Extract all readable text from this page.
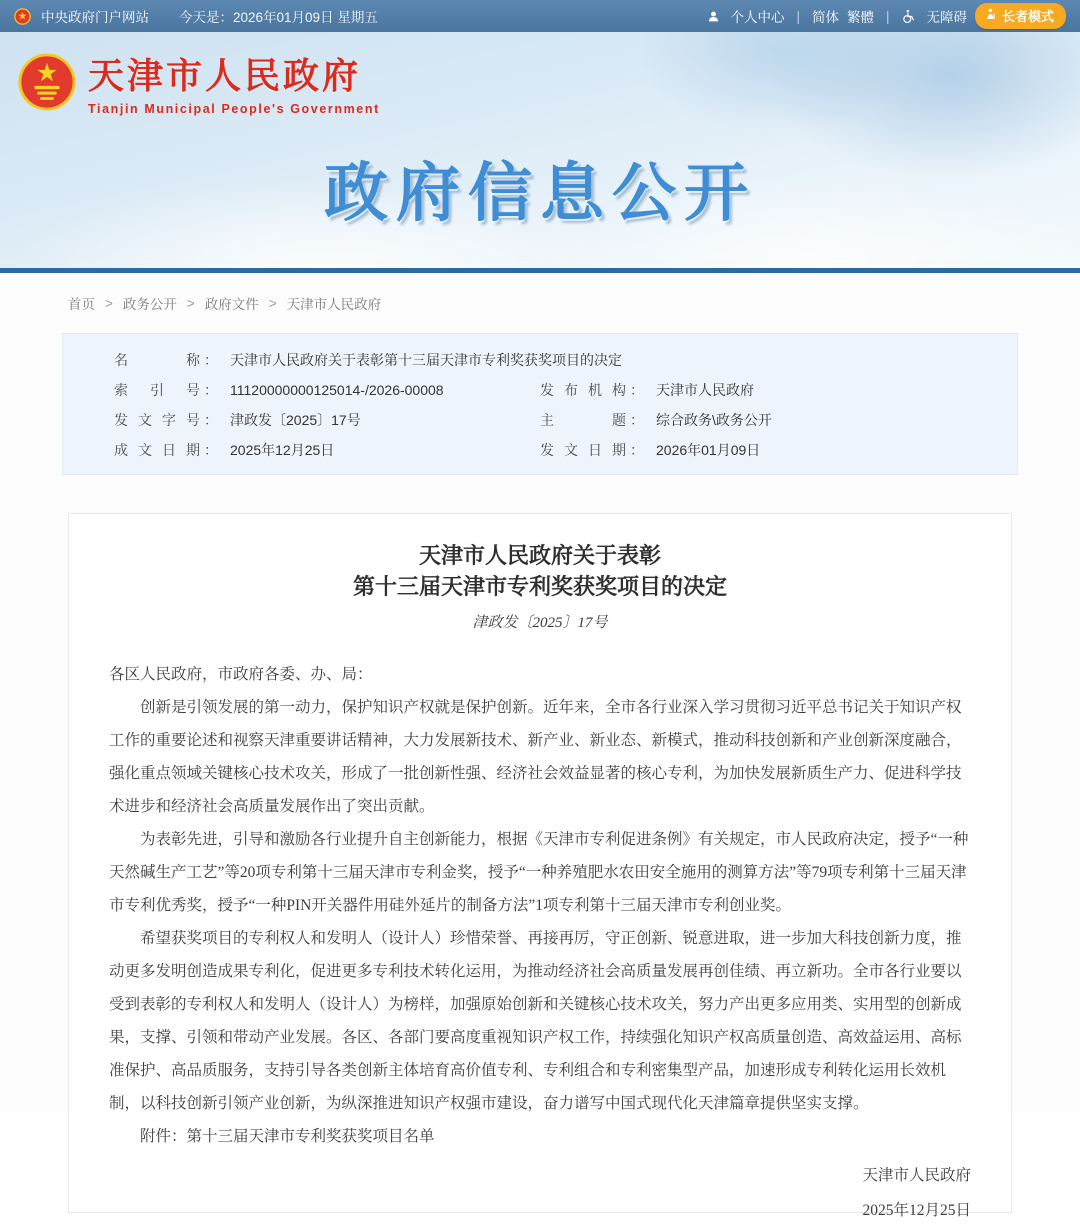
中央政府门户网站 今天是：2026年01月09日 星期五	个人中心 | 简体 繁體 |	无障碍	长者模式
天津市人民政府
Tianjin Municipal People's Government
政府信息公开
首页 > 政务公开 > 政府文件 > 天津市人民政府
名称 ： 天津市人民政府关于表彰第十三届天津市专利奖获奖项目的决定
索引号 ： 11120000000125014-/2026-00008	发布机构 ： 天津市人民政府
发文字号 ： 津政发〔2025〕17号	主题 ： 综合政务\政务公开
成文日期 ： 2025年12月25日	发文日期 ： 2026年01月09日
天津市人民政府关于表彰
第十三届天津市专利奖获奖项目的决定
津政发〔2025〕17号

各区人民政府，市政府各委、办、局：

创新是引领发展的第一动力，保护知识产权就是保护创新。近年来，全市各行业深入学习贯彻习近平总书记关于知识产权工作的重要论述和视察天津重要讲话精神，大力发展新技术、新产业、新业态、新模式，推动科技创新和产业创新深度融合，强化重点领域关键核心技术攻关，形成了一批创新性强、经济社会效益显著的核心专利，为加快发展新质生产力、促进科学技术进步和经济社会高质量发展作出了突出贡献。

为表彰先进，引导和激励各行业提升自主创新能力，根据《天津市专利促进条例》有关规定，市人民政府决定，授予“一种天然碱生产工艺”等20项专利第十三届天津市专利金奖，授予“一种养殖肥水农田安全施用的测算方法”等79项专利第十三届天津市专利优秀奖，授予“一种PIN开关器件用硅外延片的制备方法”1项专利第十三届天津市专利创业奖。

希望获奖项目的专利权人和发明人（设计人）珍惜荣誉、再接再厉，守正创新、锐意进取，进一步加大科技创新力度，推动更多发明创造成果专利化，促进更多专利技术转化运用，为推动经济社会高质量发展再创佳绩、再立新功。全市各行业要以受到表彰的专利权人和发明人（设计人）为榜样，加强原始创新和关键核心技术攻关，努力产出更多应用类、实用型的创新成果，支撑、引领和带动产业发展。各区、各部门要高度重视知识产权工作，持续强化知识产权高质量创造、高效益运用、高标准保护、高品质服务，支持引导各类创新主体培育高价值专利、专利组合和专利密集型产品，加速形成专利转化运用长效机制，以科技创新引领产业创新，为纵深推进知识产权强市建设，奋力谱写中国式现代化天津篇章提供坚实支撑。

附件：第十三届天津市专利奖获奖项目名单

天津市人民政府

2025年12月25日
